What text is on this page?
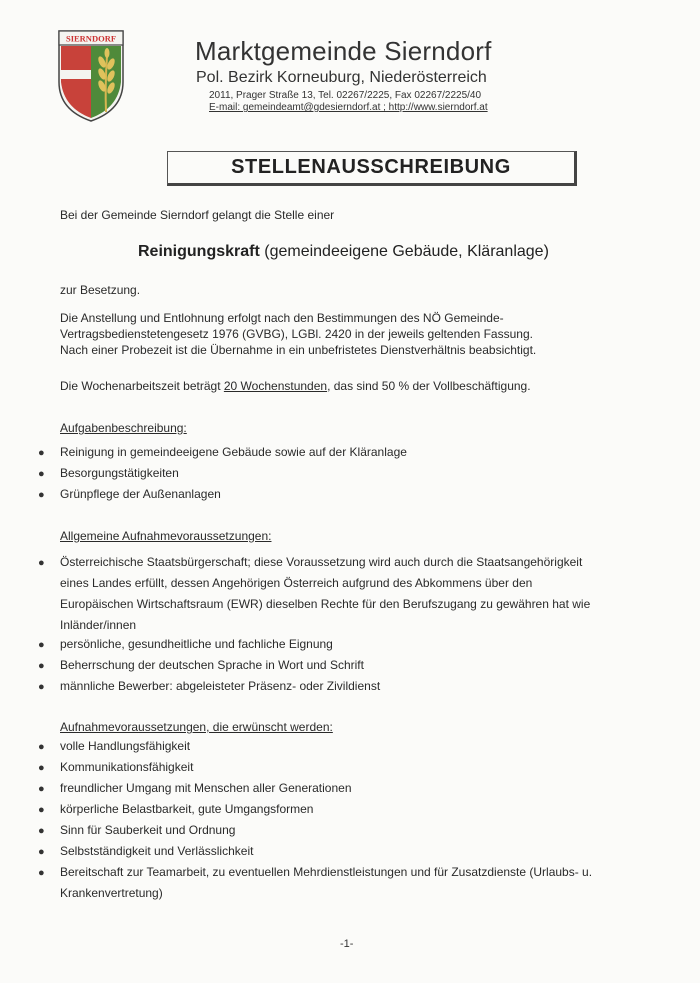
SIERNDORF	Marktgemeinde Sierndorf
Pol. Bezirk Korneuburg, Niederösterreich
2011, Prager Straße 13, Tel. 02267/2225, Fax 02267/2225/40
E-mail: gemeindeamt@gdesierndorf.at ; http://www.sierndorf.at
STELLENAUSSCHREIBUNG
Bei der Gemeinde Sierndorf gelangt die Stelle einer
Reinigungskraft (gemeindeeigene Gebäude, Kläranlage)
zur Besetzung.
Die Anstellung und Entlohnung erfolgt nach den Bestimmungen des NÖ Gemeinde-
Vertragsbedienstetengesetz 1976 (GVBG), LGBl. 2420 in der jeweils geltenden Fassung.
Nach einer Probezeit ist die Übernahme in ein unbefristetes Dienstverhältnis beabsichtigt.
Die Wochenarbeitszeit beträgt 20 Wochenstunden, das sind 50 % der Vollbeschäftigung.
Aufgabenbeschreibung:
● Reinigung in gemeindeeigene Gebäude sowie auf der Kläranlage
● Besorgungstätigkeiten
● Grünpflege der Außenanlagen
Allgemeine Aufnahmevoraussetzungen:
● Österreichische Staatsbürgerschaft; diese Voraussetzung wird auch durch die Staatsangehörigkeit
eines Landes erfüllt, dessen Angehörigen Österreich aufgrund des Abkommens über den
Europäischen Wirtschaftsraum (EWR) dieselben Rechte für den Berufszugang zu gewähren hat wie
Inländer/innen
● persönliche, gesundheitliche und fachliche Eignung
● Beherrschung der deutschen Sprache in Wort und Schrift
● männliche Bewerber: abgeleisteter Präsenz- oder Zivildienst
Aufnahmevoraussetzungen, die erwünscht werden:
● volle Handlungsfähigkeit
● Kommunikationsfähigkeit
● freundlicher Umgang mit Menschen aller Generationen
● körperliche Belastbarkeit, gute Umgangsformen
● Sinn für Sauberkeit und Ordnung
● Selbstständigkeit und Verlässlichkeit
● Bereitschaft zur Teamarbeit, zu eventuellen Mehrdienstleistungen und für Zusatzdienste (Urlaubs- u.
Krankenvertretung)
-1-
